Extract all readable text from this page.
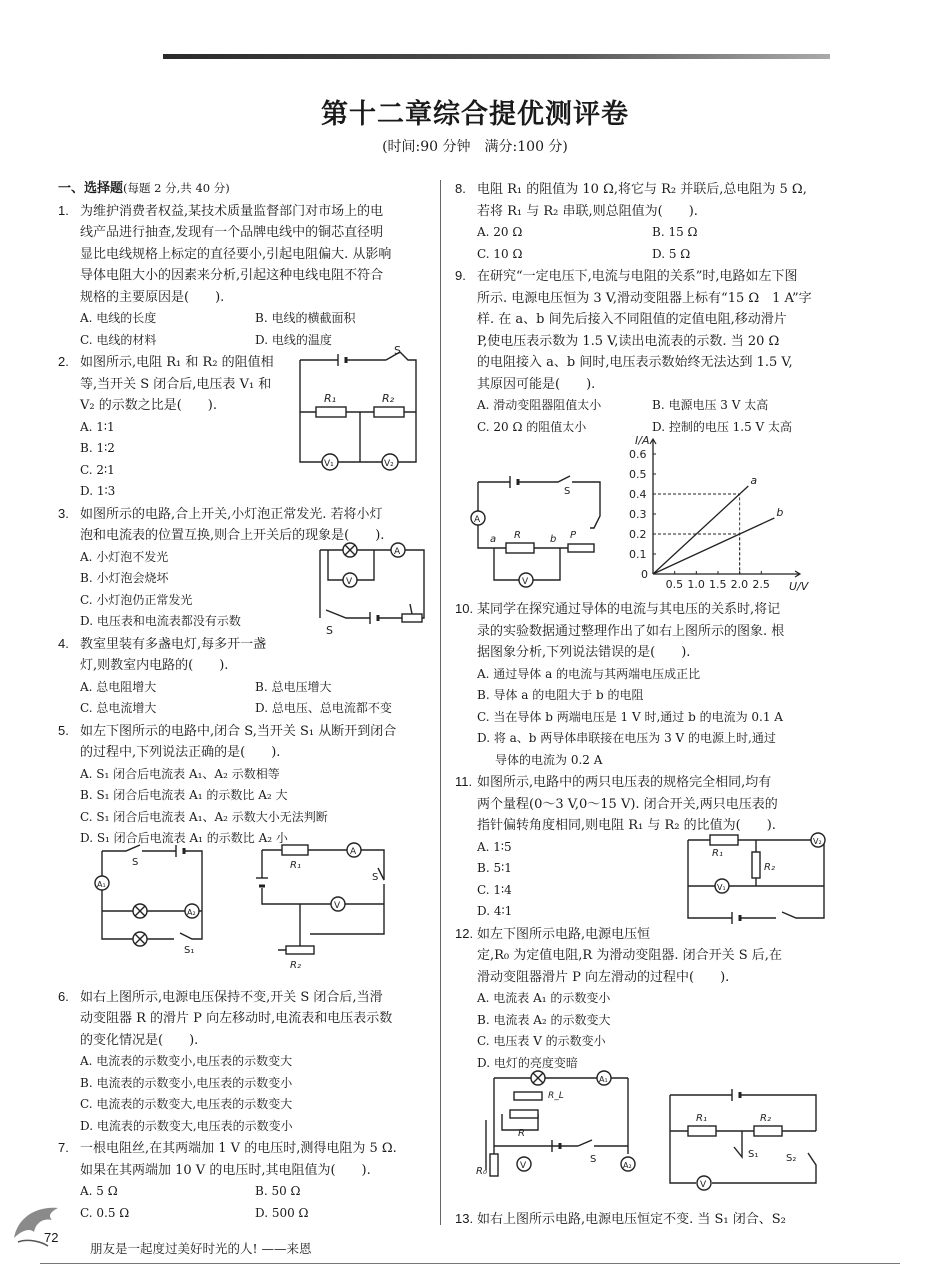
第十二章综合提优测评卷
(时间:90 分钟　满分:100 分)

一、选择题(每题 2 分,共 40 分)

1. 为维护消费者权益,某技术质量监督部门对市场上的电

线产品进行抽查,发现有一个品牌电线中的铜芯直径明

显比电线规格上标定的直径要小,引起电阻偏大. 从影响

导体电阻大小的因素来分析,引起这种电线电阻不符合

规格的主要原因是(　　).

A. 电线的长度	B. 电线的横截面积

C. 电线的材料	D. 电线的温度

2. 如图所示,电阻 R₁ 和 R₂ 的阻值相

等,当开关 S 闭合后,电压表 V₁ 和

V₂ 的示数之比是(　　).

A. 1∶1

B. 1∶2

C. 2∶1

D. 1∶3

3. 如图所示的电路,合上开关,小灯泡正常发光. 若将小灯

泡和电流表的位置互换,则合上开关后的现象是(　　).

A. 小灯泡不发光

B. 小灯泡会烧坏

C. 小灯泡仍正常发光

D. 电压表和电流表都没有示数

4. 教室里装有多盏电灯,每多开一盏

灯,则教室内电路的(　　).

A. 总电阻增大	B. 总电压增大

C. 总电流增大	D. 总电压、总电流都不变

5. 如左下图所示的电路中,闭合 S,当开关 S₁ 从断开到闭合

的过程中,下列说法正确的是(　　).

A. S₁ 闭合后电流表 A₁、A₂ 示数相等

B. S₁ 闭合后电流表 A₁ 的示数比 A₂ 大

C. S₁ 闭合后电流表 A₁、A₂ 示数大小无法判断

D. S₁ 闭合后电流表 A₁ 的示数比 A₂ 小

6. 如右上图所示,电源电压保持不变,开关 S 闭合后,当滑

动变阻器 R 的滑片 P 向左移动时,电流表和电压表示数

的变化情况是(　　).

A. 电流表的示数变小,电压表的示数变大

B. 电流表的示数变小,电压表的示数变小

C. 电流表的示数变大,电压表的示数变大

D. 电流表的示数变大,电压表的示数变小

7. 一根电阻丝,在其两端加 1 V 的电压时,测得电阻为 5 Ω.

如果在其两端加 10 V 的电压时,其电阻值为(　　).

A. 5 Ω	B. 50 Ω

C. 0.5 Ω	D. 500 Ω

8. 电阻 R₁ 的阻值为 10 Ω,将它与 R₂ 并联后,总电阻为 5 Ω,

若将 R₁ 与 R₂ 串联,则总阻值为(　　).

A. 20 Ω	B. 15 Ω

C. 10 Ω	D. 5 Ω

9. 在研究“一定电压下,电流与电阻的关系”时,电路如左下图

所示. 电源电压恒为 3 V,滑动变阻器上标有“15 Ω　1 A”字

样. 在 a、b 间先后接入不同阻值的定值电阻,移动滑片

P,使电压表示数为 1.5 V,读出电流表的示数. 当 20 Ω

的电阻接入 a、b 间时,电压表示数始终无法达到 1.5 V,

其原因可能是(　　).

A. 滑动变阻器阻值太小	B. 电源电压 3 V 太高

C. 20 Ω 的阻值太小	D. 控制的电压 1.5 V 太高

10. 某同学在探究通过导体的电流与其电压的关系时,将记

录的实验数据通过整理作出了如右上图所示的图象. 根

据图象分析,下列说法错误的是(　　).

A. 通过导体 a 的电流与其两端电压成正比

B. 导体 a 的电阻大于 b 的电阻

C. 当在导体 b 两端电压是 1 V 时,通过 b 的电流为 0.1 A

D. 将 a、b 两导体串联接在电压为 3 V 的电源上时,通过

导体的电流为 0.2 A

11. 如图所示,电路中的两只电压表的规格完全相同,均有

两个量程(0～3 V,0～15 V). 闭合开关,两只电压表的

指针偏转角度相同,则电阻 R₁ 与 R₂ 的比值为(　　).

A. 1∶5

B. 5∶1

C. 1∶4

D. 4∶1

12. 如左下图所示电路,电源电压恒

定,R₀ 为定值电阻,R 为滑动变阻器. 闭合开关 S 后,在

滑动变阻器滑片 P 向左滑动的过程中(　　).

A. 电流表 A₁ 的示数变小

B. 电流表 A₂ 的示数变大

C. 电压表 V 的示数变小

D. 电灯的亮度变暗

13. 如右上图所示电路,电源电压恒定不变. 当 S₁ 闭合、S₂

S
R₁	R₂
V₁	V₂
A
V
S
S
A₁
A₂
S₁
R₁
A
S
V
R₂
S
A
R
a	b P
V
I/A
U/V
0
0.1
0.2
0.3
0.4
0.5
0.6
0.5 1.0 1.5 2.0 2.5
a
b
V₂
R₁
R₂
V₁
A₁
R_L
R
S
R₀	V	A₂
R₁	R₂
S₁	S₂
V
72
朋友是一起度过美好时光的人! ——来恩
